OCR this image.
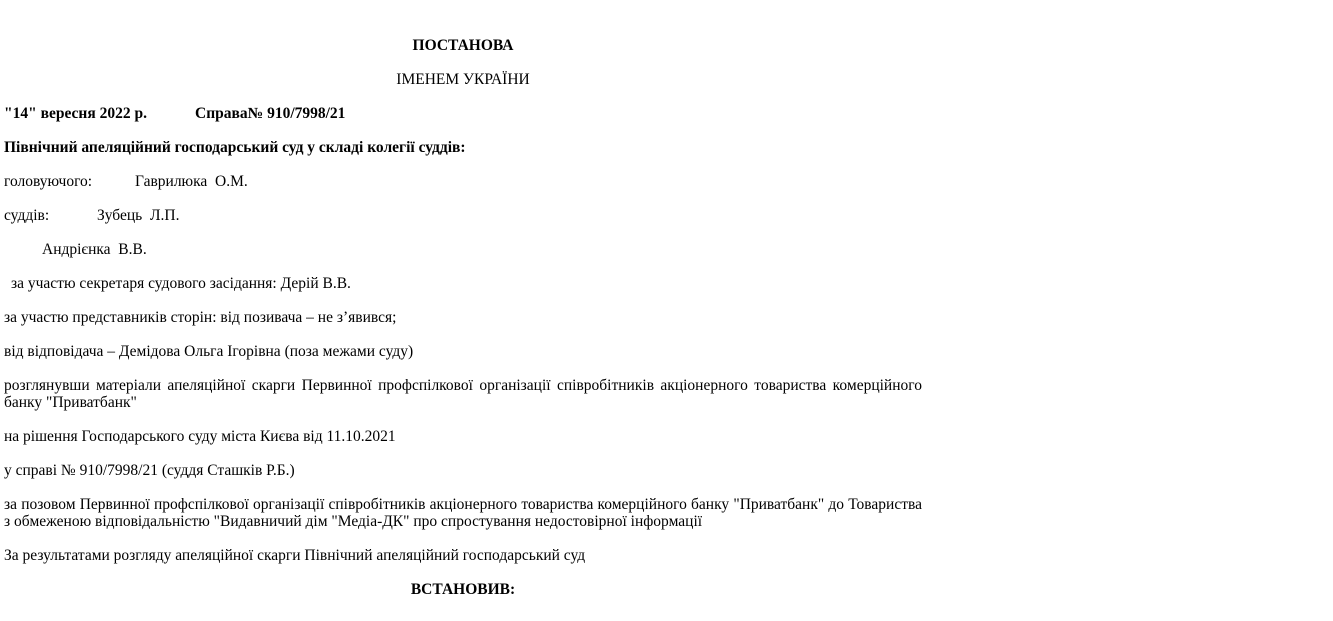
ПОСТАНОВА

ІМЕНЕМ УКРАЇНИ

"14" вересня 2022 р.	Справа№ 910/7998/21

Північний апеляційний господарський суд у складі колегії суддів:

головуючого:	Гаврилюка  О.М.

суддів:	Зубець  Л.П.

Андрієнка  В.В.

за участю секретаря судового засідання: Дерій В.В.

за участю представників сторін: від позивача – не з’явився;

від відповідача – Демідова Ольга Ігорівна (поза межами суду)

розглянувши матеріали апеляційної скарги Первинної профспілкової організації співробітників акціонерного товариства комерційного банку "Приватбанк"

на рішення Господарського суду міста Києва від 11.10.2021

у справі № 910/7998/21 (суддя Сташків Р.Б.)

за позовом Первинної профспілкової організації співробітників акціонерного товариства комерційного банку "Приватбанк" до Товариства з обмеженою відповідальністю "Видавничий дім "Медіа-ДК" про спростування недостовірної інформації

За результатами розгляду апеляційної скарги Північний апеляційний господарський суд

ВСТАНОВИВ:
